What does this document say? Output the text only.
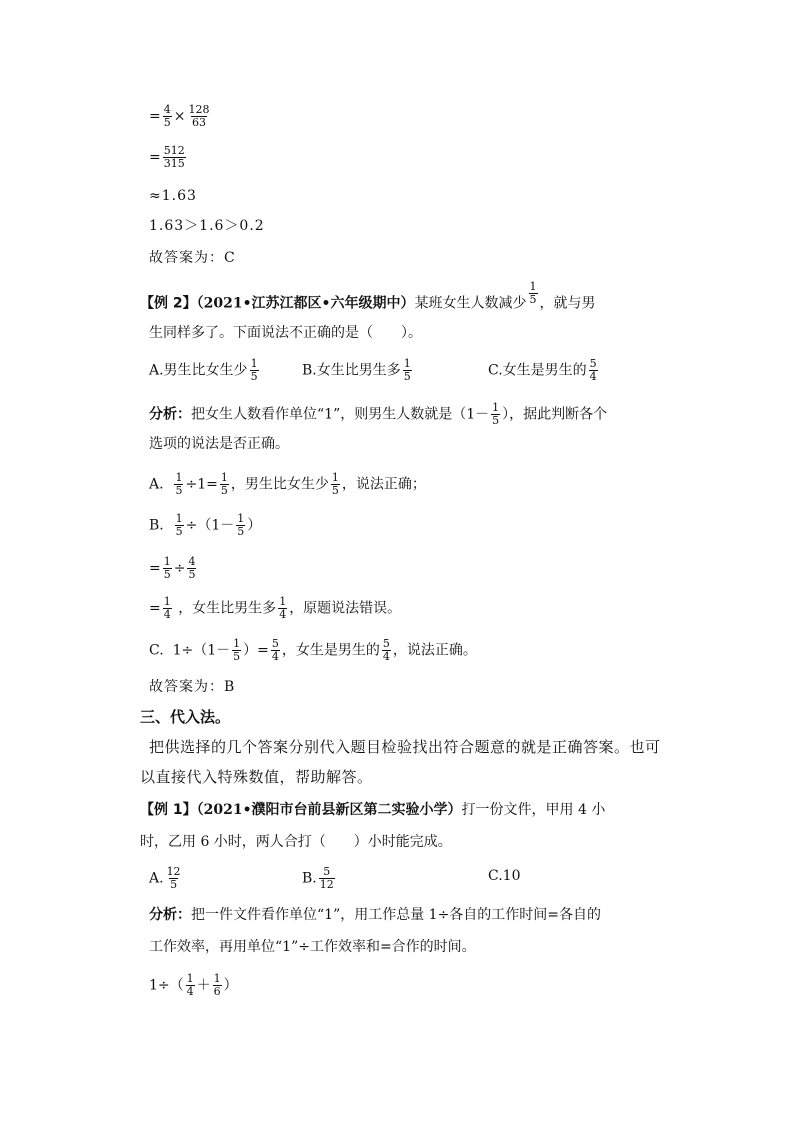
= $\frac{4}{5} \times \frac{128}{63}$
= $\frac{512}{315}$
≈1.63
1.63＞1.6＞0.2
故答案为：C
【例 2】（2021•江苏江都区•六年级期中）某班女生人数减少 $\frac{1}{5}$ ，就与男
生同样多了。下面说法不正确的是（　　）。
A.男生比女生少 $\frac{1}{5}$	B.女生比男生多 $\frac{1}{5}$	C.女生是男生的 $\frac{5}{4}$
分析：把女生人数看作单位“1”，则男生人数就是（$1- \frac{1}{5}$ ），据此判断各个
选项的说法是否正确。
A. $\frac{1}{5} \div 1= \frac{1}{5}$ ，男生比女生少 $\frac{1}{5}$ ，说法正确；
B. $\frac{1}{5} \div(1- \frac{1}{5}$ ）
= $\frac{1}{5} \div \frac{4}{5}$
= $\frac{1}{4}$ ，女生比男生多 $\frac{1}{4}$ ，原题说法错误。
C. $1\div(1- \frac{1}{5}$ ）= $\frac{5}{4}$ ，女生是男生的 $\frac{5}{4}$ ，说法正确。
故答案为：B
三、代入法。
把供选择的几个答案分别代入题目检验找出符合题意的就是正确答案。也可
以直接代入特殊数值，帮助解答。
【例 1】（2021•濮阳市台前县新区第二实验小学）打一份文件，甲用 4 小
时，乙用 6 小时，两人合打（　　）小时能完成。
A. $\frac{12}{5}$	B. $\frac{5}{12}$	C.10
分析：把一件文件看作单位“1”，用工作总量 1÷各自的工作时间=各自的
工作效率，再用单位“1”÷工作效率和=合作的时间。
$1\div( \frac{1}{4} + \frac{1}{6}$ ）
